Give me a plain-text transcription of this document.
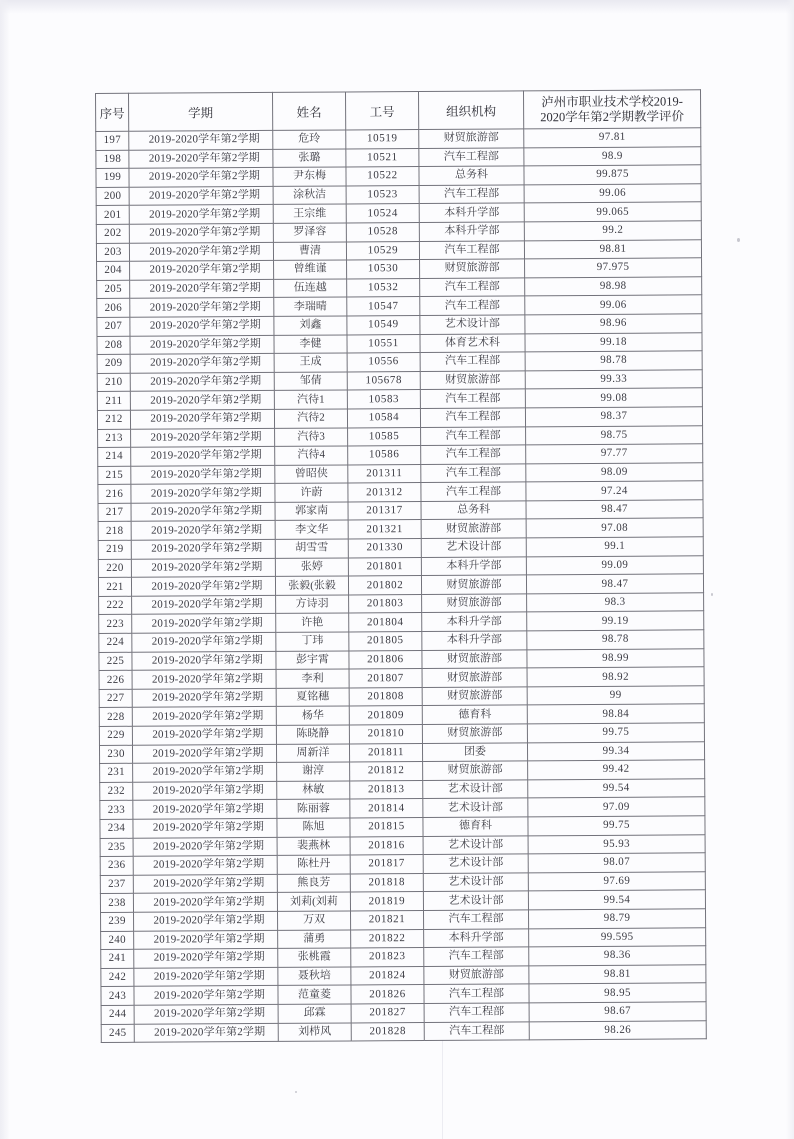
序号	学期	姓名	工号	组织机构	泸州市职业技术学校2019-
2020学年第2学期教学评价
197	2019-2020学年第2学期	危玲	10519	财贸旅游部	97.81
198	2019-2020学年第2学期	张璐	10521	汽车工程部	98.9
199	2019-2020学年第2学期	尹东梅	10522	总务科	99.875
200	2019-2020学年第2学期	涂秋洁	10523	汽车工程部	99.06
201	2019-2020学年第2学期	王宗维	10524	本科升学部	99.065
202	2019-2020学年第2学期	罗泽容	10528	本科升学部	99.2
203	2019-2020学年第2学期	曹清	10529	汽车工程部	98.81
204	2019-2020学年第2学期	曾维谨	10530	财贸旅游部	97.975
205	2019-2020学年第2学期	伍连越	10532	汽车工程部	98.98
206	2019-2020学年第2学期	李瑞晴	10547	汽车工程部	99.06
207	2019-2020学年第2学期	刘鑫	10549	艺术设计部	98.96
208	2019-2020学年第2学期	李健	10551	体育艺术科	99.18
209	2019-2020学年第2学期	王成	10556	汽车工程部	98.78
210	2019-2020学年第2学期	邹倩	105678	财贸旅游部	99.33
211	2019-2020学年第2学期	汽待1	10583	汽车工程部	99.08
212	2019-2020学年第2学期	汽待2	10584	汽车工程部	98.37
213	2019-2020学年第2学期	汽待3	10585	汽车工程部	98.75
214	2019-2020学年第2学期	汽待4	10586	汽车工程部	97.77
215	2019-2020学年第2学期	曾昭侠	201311	汽车工程部	98.09
216	2019-2020学年第2学期	许蔚	201312	汽车工程部	97.24
217	2019-2020学年第2学期	郭家南	201317	总务科	98.47
218	2019-2020学年第2学期	李文华	201321	财贸旅游部	97.08
219	2019-2020学年第2学期	胡雪雪	201330	艺术设计部	99.1
220	2019-2020学年第2学期	张婷	201801	本科升学部	99.09
221	2019-2020学年第2学期	张毅(张毅	201802	财贸旅游部	98.47
222	2019-2020学年第2学期	方诗羽	201803	财贸旅游部	98.3
223	2019-2020学年第2学期	许艳	201804	本科升学部	99.19
224	2019-2020学年第2学期	丁玮	201805	本科升学部	98.78
225	2019-2020学年第2学期	彭宇霄	201806	财贸旅游部	98.99
226	2019-2020学年第2学期	李利	201807	财贸旅游部	98.92
227	2019-2020学年第2学期	夏铭穗	201808	财贸旅游部	99
228	2019-2020学年第2学期	杨华	201809	德育科	98.84
229	2019-2020学年第2学期	陈晓静	201810	财贸旅游部	99.75
230	2019-2020学年第2学期	周新洋	201811	团委	99.34
231	2019-2020学年第2学期	谢淳	201812	财贸旅游部	99.42
232	2019-2020学年第2学期	林敏	201813	艺术设计部	99.54
233	2019-2020学年第2学期	陈丽蓉	201814	艺术设计部	97.09
234	2019-2020学年第2学期	陈旭	201815	德育科	99.75
235	2019-2020学年第2学期	裴燕林	201816	艺术设计部	95.93
236	2019-2020学年第2学期	陈杜丹	201817	艺术设计部	98.07
237	2019-2020学年第2学期	熊良芳	201818	艺术设计部	97.69
238	2019-2020学年第2学期	刘莉(刘莉	201819	艺术设计部	99.54
239	2019-2020学年第2学期	万双	201821	汽车工程部	98.79
240	2019-2020学年第2学期	蒲勇	201822	本科升学部	99.595
241	2019-2020学年第2学期	张桃霞	201823	汽车工程部	98.36
242	2019-2020学年第2学期	聂秋培	201824	财贸旅游部	98.81
243	2019-2020学年第2学期	范童菱	201826	汽车工程部	98.95
244	2019-2020学年第2学期	邱霖	201827	汽车工程部	98.67
245	2019-2020学年第2学期	刘栉风	201828	汽车工程部	98.26
